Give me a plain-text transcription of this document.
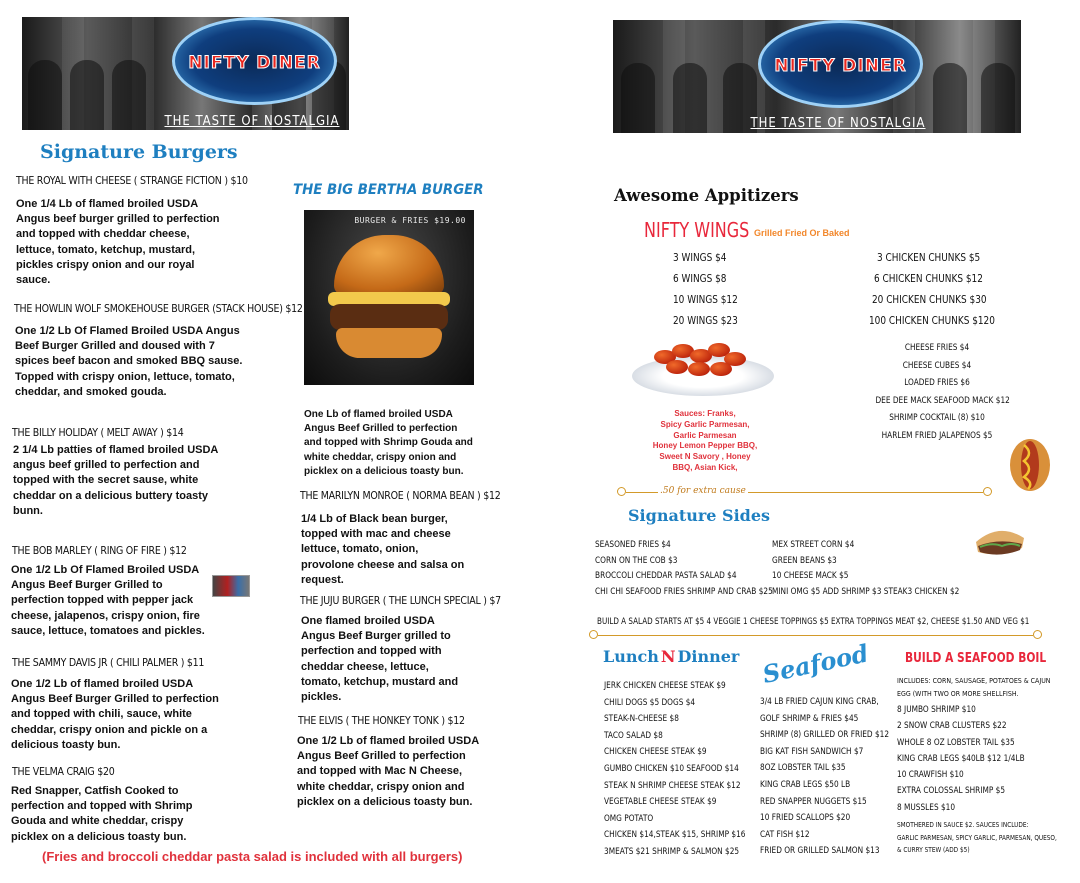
NIFTY DINER
THE TASTE OF NOSTALGIA
Signature Burgers
THE ROYAL WITH CHEESE ( STRANGE FICTION ) $10
One 1/4 Lb of flamed broiled USDA
Angus beef burger grilled to perfection
and topped with cheddar cheese,
lettuce, tomato, ketchup, mustard,
pickles crispy onion and our royal
sauce.
THE HOWLIN WOLF SMOKEHOUSE BURGER (STACK HOUSE) $12
One 1/2 Lb Of Flamed Broiled USDA Angus
Beef Burger Grilled and doused with 7
spices beef bacon and smoked BBQ sause.
Topped with crispy onion, lettuce, tomato,
cheddar, and smoked gouda.
THE BILLY HOLIDAY ( MELT AWAY ) $14
2 1/4 Lb patties of flamed broiled USDA
angus beef grilled to perfection and
topped with the secret sause, white
cheddar on a delicious buttery toasty
bunn.
THE BOB MARLEY ( RING OF FIRE ) $12
One 1/2 Lb Of Flamed Broiled USDA
Angus Beef Burger Grilled to
perfection topped with pepper jack
cheese, jalapenos, crispy onion, fire
sauce, lettuce, tomatoes and pickles.
THE SAMMY DAVIS JR ( CHILI PALMER ) $11
One 1/2 Lb of flamed broiled USDA
Angus Beef Burger Grilled to perfection
and topped with chili, sauce, white
cheddar, crispy onion and pickle on a
delicious toasty bun.
THE VELMA CRAIG $20
Red Snapper, Catfish Cooked to
perfection and topped with Shrimp
Gouda and white cheddar, crispy
picklex on a delicious toasty bun.
THE BIG BERTHA BURGER
BURGER & FRIES $19.00
One Lb of flamed broiled USDA
Angus Beef Grilled to perfection
and topped with Shrimp Gouda and
white cheddar, crispy onion and
picklex on a delicious toasty bun.
THE MARILYN MONROE ( NORMA BEAN ) $12
1/4 Lb of Black bean burger,
topped with mac and cheese
lettuce, tomato, onion,
provolone cheese and salsa on
request.
THE JUJU BURGER ( THE LUNCH SPECIAL ) $7
One flamed broiled USDA
Angus Beef Burger grilled to
perfection and topped with
cheddar cheese, lettuce,
tomato, ketchup, mustard and
pickles.
THE ELVIS ( THE HONKEY TONK ) $12
One 1/2 Lb of flamed broiled USDA
Angus Beef Grilled to perfection
and topped with Mac N Cheese,
white cheddar, crispy onion and
picklex on a delicious toasty bun.
(Fries and broccoli cheddar pasta salad is included with all burgers)
NIFTY DINER
THE TASTE OF NOSTALGIA
Awesome Appitizers
NIFTY WINGS Grilled Fried Or Baked
3 WINGS $4
6 WINGS $8
10 WINGS $12
20 WINGS $23
3 CHICKEN CHUNKS $5
6 CHICKEN CHUNKS $12
20 CHICKEN CHUNKS $30
100 CHICKEN CHUNKS $120
CHEESE FRIES $4
CHEESE CUBES $4
LOADED FRIES $6
DEE DEE MACK SEAFOOD MACK $12
SHRIMP COCKTAIL (8) $10
HARLEM FRIED JALAPENOS $5
Sauces: Franks,
Spicy Garlic Parmesan,
Garlic Parmesan
Honey Lemon Pepper BBQ,
Sweet N Savory , Honey
BBQ, Asian Kick,
.50 for extra cause
Signature Sides
SEASONED FRIES $4
CORN ON THE COB $3
BROCCOLI CHEDDAR PASTA SALAD $4
CHI CHI SEAFOOD FRIES SHRIMP AND CRAB $25
MEX STREET CORN $4
GREEN BEANS $3
10 CHEESE MACK $5
MINI OMG $5 ADD SHRIMP $3 STEAK3 CHICKEN $2
BUILD A SALAD STARTS AT $5 4 VEGGIE 1 CHEESE TOPPINGS $5 EXTRA TOPPINGS MEAT $2, CHEESE $1.50 AND VEG $1
Lunch N Dinner
JERK CHICKEN CHEESE STEAK $9
CHILI DOGS $5 DOGS $4
STEAK-N-CHEESE $8
TACO SALAD $8
CHICKEN CHEESE STEAK $9
GUMBO CHICKEN $10 SEAFOOD $14
STEAK N SHRIMP CHEESE STEAK $12
VEGETABLE CHEESE STEAK $9
OMG POTATO
CHICKEN $14,STEAK $15, SHRIMP $16
3MEATS $21 SHRIMP & SALMON $25
Seafood
3/4 LB FRIED CAJUN KING CRAB,
GOLF SHRIMP & FRIES $45
SHRIMP (8) GRILLED OR FRIED $12
BIG KAT FISH SANDWICH $7
8OZ LOBSTER TAIL $35
KING CRAB LEGS $50 LB
RED SNAPPER NUGGETS $15
10 FRIED SCALLOPS $20
CAT FISH $12
FRIED OR GRILLED SALMON $13
BUILD A SEAFOOD BOIL
INCLUDES: CORN, SAUSAGE, POTATOES & CAJUN
EGG (WITH TWO OR MORE SHELLFISH.
8 JUMBO SHRIMP $10
2 SNOW CRAB CLUSTERS $22
WHOLE 8 OZ LOBSTER TAIL $35
KING CRAB LEGS $40LB $12 1/4LB
10 CRAWFISH $10
EXTRA COLOSSAL SHRIMP $5
8 MUSSLES $10
SMOTHERED IN SAUCE $2. SAUCES INCLUDE:
GARLIC PARMESAN, SPICY GARLIC, PARMESAN, QUESO,
& CURRY STEW (ADD $5)
